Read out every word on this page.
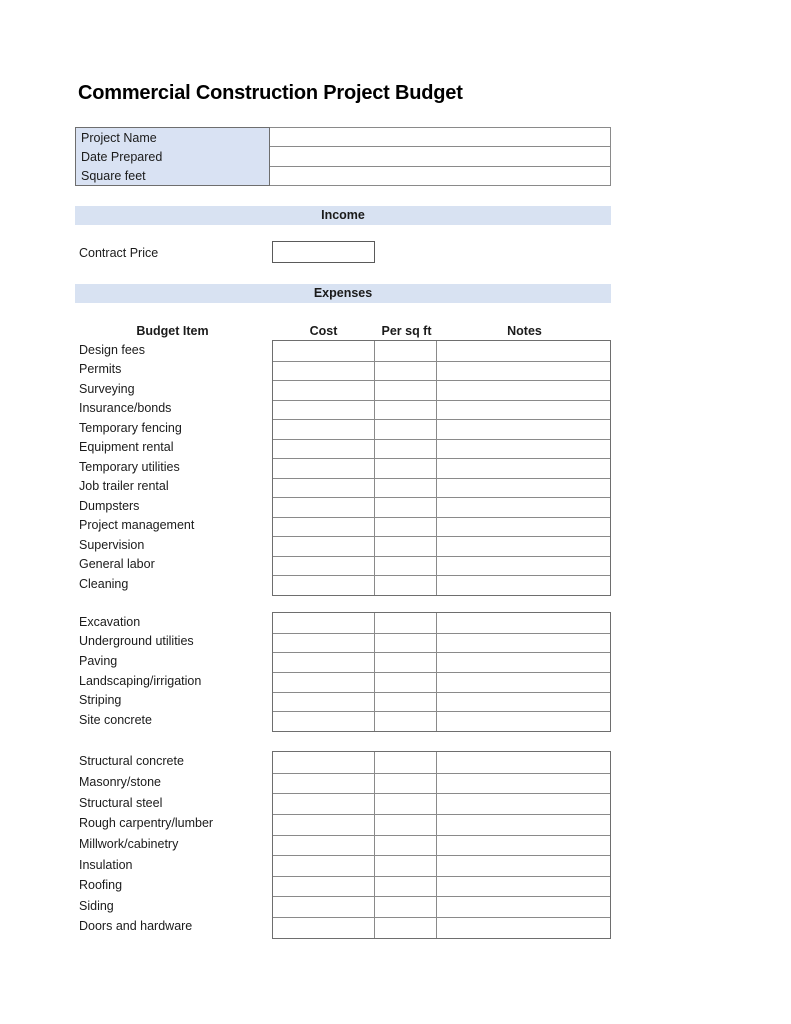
Commercial Construction Project Budget
Project Name
Date Prepared
Square feet
Income
Contract Price
Expenses
Budget Item	Cost	Per sq ft	Notes
Design fees
Permits
Surveying
Insurance/bonds
Temporary fencing
Equipment rental
Temporary utilities
Job trailer rental
Dumpsters
Project management
Supervision
General labor
Cleaning
Excavation
Underground utilities
Paving
Landscaping/irrigation
Striping
Site concrete
Structural concrete
Masonry/stone
Structural steel
Rough carpentry/lumber
Millwork/cabinetry
Insulation
Roofing
Siding
Doors and hardware
